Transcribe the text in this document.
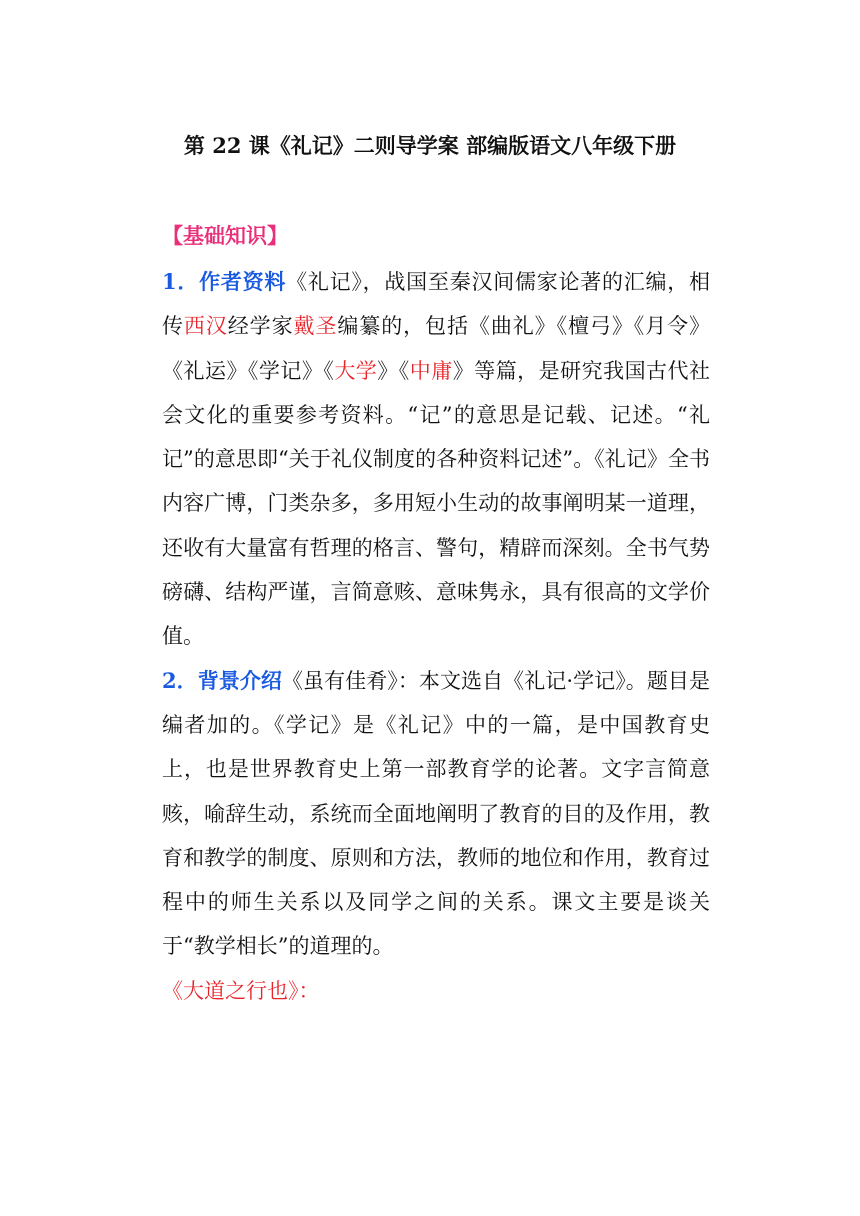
第 22 课《礼记》二则导学案 部编版语文八年级下册
【基础知识】

1．作者资料《礼记》，战国至秦汉间儒家论著的汇编，相传西汉经学家戴圣编纂的，包括《曲礼》《檀弓》《月令》《礼运》《学记》《大学》《中庸》等篇，是研究我国古代社会文化的重要参考资料。“记”的意思是记载、记述。“礼记”的意思即“关于礼仪制度的各种资料记述”。《礼记》全书内容广博，门类杂多，多用短小生动的故事阐明某一道理，还收有大量富有哲理的格言、警句，精辟而深刻。全书气势磅礴、结构严谨，言简意赅、意味隽永，具有很高的文学价值。

2．背景介绍《虽有佳肴》：本文选自《礼记·学记》。题目是编者加的。《学记》是《礼记》中的一篇，是中国教育史上，也是世界教育史上第一部教育学的论著。文字言简意赅，喻辞生动，系统而全面地阐明了教育的目的及作用，教育和教学的制度、原则和方法，教师的地位和作用，教育过程中的师生关系以及同学之间的关系。课文主要是谈关于“教学相长”的道理的。

《大道之行也》：
